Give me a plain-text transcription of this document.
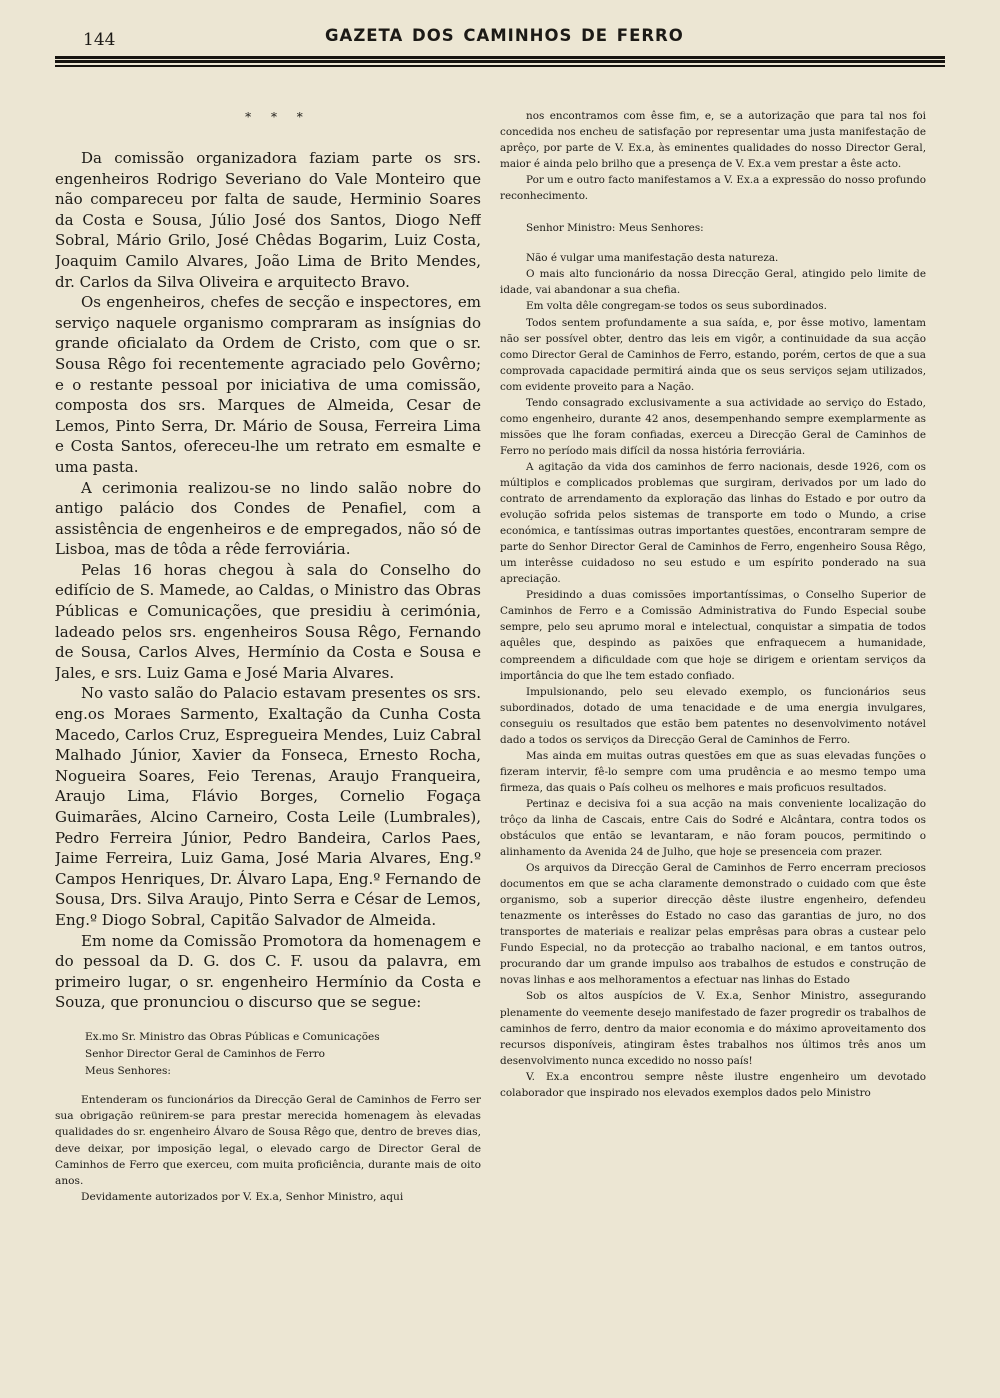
144	GAZETA DOS CAMINHOS DE FERRO
* * *

Da comissão organizadora faziam parte os srs. engenheiros Rodrigo Severiano do Vale Monteiro que não compareceu por falta de saude, Herminio Soares da Costa e Sousa, Júlio José dos Santos, Diogo Neff Sobral, Mário Grilo, José Chêdas Bogarim, Luiz Costa, Joaquim Camilo Alvares, João Lima de Brito Mendes, dr. Carlos da Silva Oliveira e arquitecto Bravo.

Os engenheiros, chefes de secção e inspectores, em serviço naquele organismo compraram as insígnias do grande oficialato da Ordem de Cristo, com que o sr. Sousa Rêgo foi recentemente agraciado pelo Govêrno; e o restante pessoal por iniciativa de uma comissão, composta dos srs. Marques de Almeida, Cesar de Lemos, Pinto Serra, Dr. Mário de Sousa, Ferreira Lima e Costa Santos, ofereceu-lhe um retrato em esmalte e uma pasta.

A cerimonia realizou-se no lindo salão nobre do antigo palácio dos Condes de Penafiel, com a assistência de engenheiros e de empregados, não só de Lisboa, mas de tôda a rêde ferroviária.

Pelas 16 horas chegou à sala do Conselho do edifício de S. Mamede, ao Caldas, o Ministro das Obras Públicas e Comunicações, que presidiu à cerimónia, ladeado pelos srs. engenheiros Sousa Rêgo, Fernando de Sousa, Carlos Alves, Hermínio da Costa e Sousa e Jales, e srs. Luiz Gama e José Maria Alvares.

No vasto salão do Palacio estavam presentes os srs. eng.os Moraes Sarmento, Exaltação da Cunha Costa Macedo, Carlos Cruz, Espregueira Mendes, Luiz Cabral Malhado Júnior, Xavier da Fonseca, Ernesto Rocha, Nogueira Soares, Feio Terenas, Araujo Franqueira, Araujo Lima, Flávio Borges, Cornelio Fogaça Guimarães, Alcino Carneiro, Costa Leile (Lumbrales), Pedro Ferreira Júnior, Pedro Bandeira, Carlos Paes, Jaime Ferreira, Luiz Gama, José Maria Alvares, Eng.º Campos Henriques, Dr. Álvaro Lapa, Eng.º Fernando de Sousa, Drs. Silva Araujo, Pinto Serra e César de Lemos, Eng.º Diogo Sobral, Capitão Salvador de Almeida.

Em nome da Comissão Promotora da homenagem e do pessoal da D. G. dos C. F. usou da palavra, em primeiro lugar, o sr. engenheiro Hermínio da Costa e Souza, que pronunciou o discurso que se segue:

Ex.mo Sr. Ministro das Obras Públicas e Comunicações
Senhor Director Geral de Caminhos de Ferro
Meus Senhores:

Entenderam os funcionários da Direcção Geral de Caminhos de Ferro ser sua obrigação reünirem-se para prestar merecida homenagem às elevadas qualidades do sr. engenheiro Álvaro de Sousa Rêgo que, dentro de breves dias, deve deixar, por imposição legal, o elevado cargo de Director Geral de Caminhos de Ferro que exerceu, com muita proficiência, durante mais de oito anos.

Devidamente autorizados por V. Ex.a, Senhor Ministro, aqui

nos encontramos com êsse fim, e, se a autorização que para tal nos foi concedida nos encheu de satisfação por representar uma justa manifestação de aprêço, por parte de V. Ex.a, às eminentes qualidades do nosso Director Geral, maior é ainda pelo brilho que a presença de V. Ex.a vem prestar a êste acto.

Por um e outro facto manifestamos a V. Ex.a a expressão do nosso profundo reconhecimento.

Senhor Ministro: Meus Senhores:

Não é vulgar uma manifestação desta natureza.

O mais alto funcionário da nossa Direcção Geral, atingido pelo limite de idade, vai abandonar a sua chefia.

Em volta dêle congregam-se todos os seus subordinados.

Todos sentem profundamente a sua saída, e, por êsse motivo, lamentam não ser possível obter, dentro das leis em vigôr, a continuidade da sua acção como Director Geral de Caminhos de Ferro, estando, porém, certos de que a sua comprovada capacidade permitirá ainda que os seus serviços sejam utilizados, com evidente proveito para a Nação.

Tendo consagrado exclusivamente a sua actividade ao serviço do Estado, como engenheiro, durante 42 anos, desempenhando sempre exemplarmente as missões que lhe foram confiadas, exerceu a Direcção Geral de Caminhos de Ferro no período mais difícil da nossa história ferroviária.

A agitação da vida dos caminhos de ferro nacionais, desde 1926, com os múltiplos e complicados problemas que surgiram, derivados por um lado do contrato de arrendamento da exploração das linhas do Estado e por outro da evolução sofrida pelos sistemas de transporte em todo o Mundo, a crise económica, e tantíssimas outras importantes questões, encontraram sempre de parte do Senhor Director Geral de Caminhos de Ferro, engenheiro Sousa Rêgo, um interêsse cuidadoso no seu estudo e um espírito ponderado na sua apreciação.

Presidindo a duas comissões importantíssimas, o Conselho Superior de Caminhos de Ferro e a Comissão Administrativa do Fundo Especial soube sempre, pelo seu aprumo moral e intelectual, conquistar a simpatia de todos aquêles que, despindo as paixões que enfraquecem a humanidade, compreendem a dificuldade com que hoje se dirigem e orientam serviços da importância do que lhe tem estado confiado.

Impulsionando, pelo seu elevado exemplo, os funcionários seus subordinados, dotado de uma tenacidade e de uma energia invulgares, conseguiu os resultados que estão bem patentes no desenvolvimento notável dado a todos os serviços da Direcção Geral de Caminhos de Ferro.

Mas ainda em muitas outras questões em que as suas elevadas funções o fizeram intervir, fê-lo sempre com uma prudência e ao mesmo tempo uma firmeza, das quais o País colheu os melhores e mais proficuos resultados.

Pertinaz e decisiva foi a sua acção na mais conveniente localização do trôço da linha de Cascais, entre Cais do Sodré e Alcântara, contra todos os obstáculos que então se levantaram, e não foram poucos, permitindo o alinhamento da Avenida 24 de Julho, que hoje se presenceia com prazer.

Os arquivos da Direcção Geral de Caminhos de Ferro encerram preciosos documentos em que se acha claramente demonstrado o cuidado com que êste organismo, sob a superior direcção dêste ilustre engenheiro, defendeu tenazmente os interêsses do Estado no caso das garantias de juro, no dos transportes de materiais e realizar pelas emprêsas para obras a custear pelo Fundo Especial, no da protecção ao trabalho nacional, e em tantos outros, procurando dar um grande impulso aos trabalhos de estudos e construção de novas linhas e aos melhoramentos a efectuar nas linhas do Estado

Sob os altos auspícios de V. Ex.a, Senhor Ministro, assegurando plenamente do veemente desejo manifestado de fazer progredir os trabalhos de caminhos de ferro, dentro da maior economia e do máximo aproveitamento dos recursos disponíveis, atingiram êstes trabalhos nos últimos três anos um desenvolvimento nunca excedido no nosso país!

V. Ex.a encontrou sempre nêste ilustre engenheiro um devotado colaborador que inspirado nos elevados exemplos dados pelo Ministro
